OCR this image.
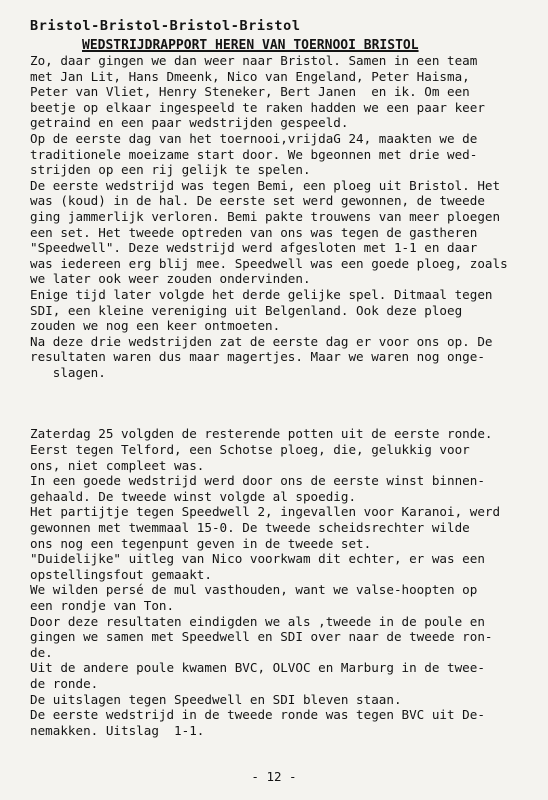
Bristol-Bristol-Bristol-Bristol

WEDSTRIJDRAPPORT HEREN VAN TOERNOOI BRISTOL

Zo, daar gingen we dan weer naar Bristol. Samen in een team

met Jan Lit, Hans Dmeenk, Nico van Engeland, Peter Haisma,

Peter van Vliet, Henry Steneker, Bert Janen  en ik. Om een

beetje op elkaar ingespeeld te raken hadden we een paar keer

getraind en een paar wedstrijden gespeeld.

Op de eerste dag van het toernooi,vrijdaG 24, maakten we de

traditionele moeizame start door. We bgeonnen met drie wed-

strijden op een rij gelijk te spelen.

De eerste wedstrijd was tegen Bemi, een ploeg uit Bristol. Het

was (koud) in de hal. De eerste set werd gewonnen, de tweede

ging jammerlijk verloren. Bemi pakte trouwens van meer ploegen

een set. Het tweede optreden van ons was tegen de gastheren

"Speedwell". Deze wedstrijd werd afgesloten met 1-1 en daar

was iedereen erg blij mee. Speedwell was een goede ploeg, zoals

we later ook weer zouden ondervinden.

Enige tijd later volgde het derde gelijke spel. Ditmaal tegen

SDI, een kleine vereniging uit Belgenland. Ook deze ploeg

zouden we nog een keer ontmoeten.

Na deze drie wedstrijden zat de eerste dag er voor ons op. De

resultaten waren dus maar magertjes. Maar we waren nog onge-

slagen.

Zaterdag 25 volgden de resterende potten uit de eerste ronde.

Eerst tegen Telford, een Schotse ploeg, die, gelukkig voor

ons, niet compleet was.

In een goede wedstrijd werd door ons de eerste winst binnen-

gehaald. De tweede winst volgde al spoedig.

Het partijtje tegen Speedwell 2, ingevallen voor Karanoi, werd

gewonnen met twemmaal 15-0. De tweede scheidsrechter wilde

ons nog een tegenpunt geven in de tweede set.

"Duidelijke" uitleg van Nico voorkwam dit echter, er was een

opstellingsfout gemaakt.

We wilden persé de mul vasthouden, want we valse-hoopten op

een rondje van Ton.

Door deze resultaten eindigden we als ,tweede in de poule en

gingen we samen met Speedwell en SDI over naar de tweede ron-

de.

Uit de andere poule kwamen BVC, OLVOC en Marburg in de twee-

de ronde.

De uitslagen tegen Speedwell en SDI bleven staan.

De eerste wedstrijd in de tweede ronde was tegen BVC uit De-

nemakken. Uitslag  1-1.

- 12 -
